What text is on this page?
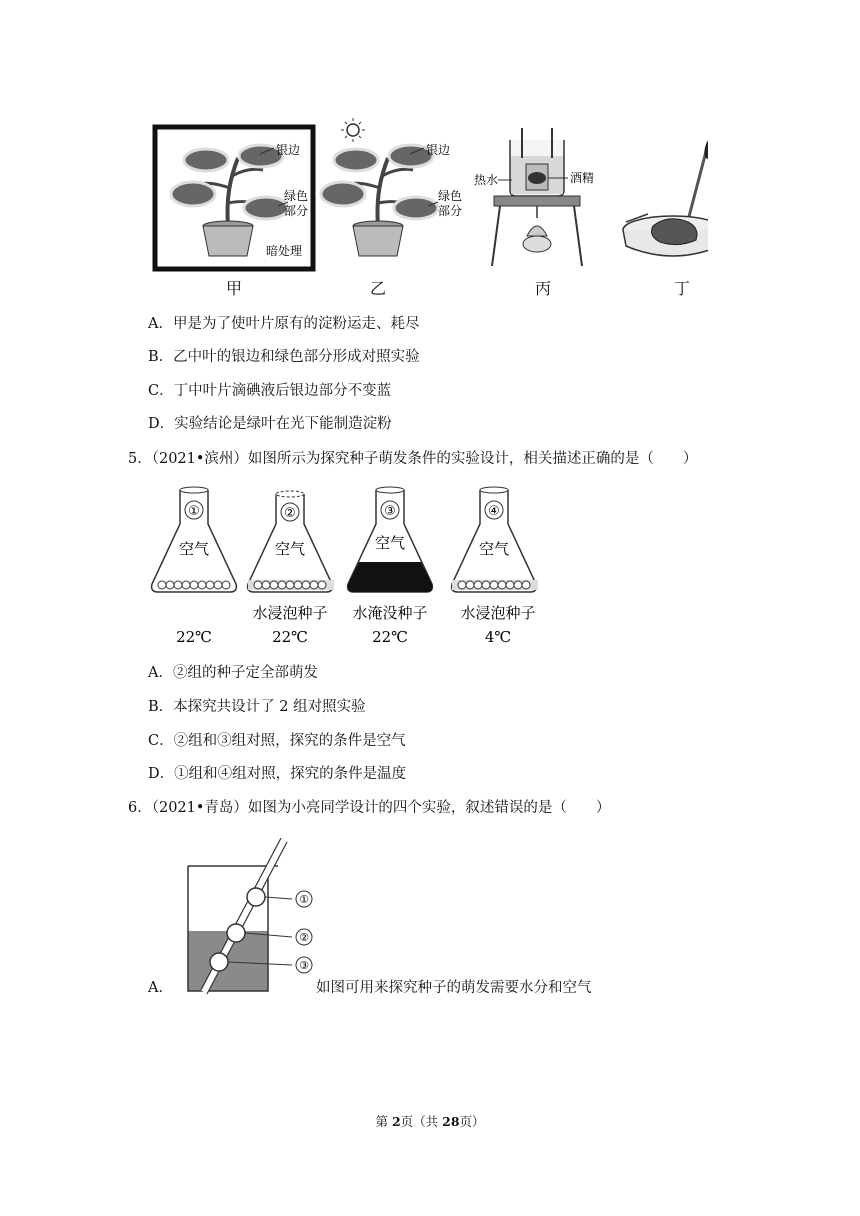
银边
绿色
部分
暗处理
银边
绿色
部分
热水	酒精
甲	乙	丙	丁
A．甲是为了使叶片原有的淀粉运走、耗尽
B．乙中叶的银边和绿色部分形成对照实验
C．丁中叶片滴碘液后银边部分不变蓝
D．实验结论是绿叶在光下能制造淀粉
5．（2021•滨州）如图所示为探究种子萌发条件的实验设计，相关描述正确的是（　　）
①
空气
22℃
②
空气
水浸泡种子
22℃
③
空气
水淹没种子
22℃
④
空气
水浸泡种子
4℃
A．②组的种子定全部萌发
B．本探究共设计了 2 组对照实验
C．②组和③组对照，探究的条件是空气
D．①组和④组对照，探究的条件是温度
6．（2021•青岛）如图为小亮同学设计的四个实验，叙述错误的是（　　）
①
②
③
A．	如图可用来探究种子的萌发需要水分和空气
第 2页（共 28页）
